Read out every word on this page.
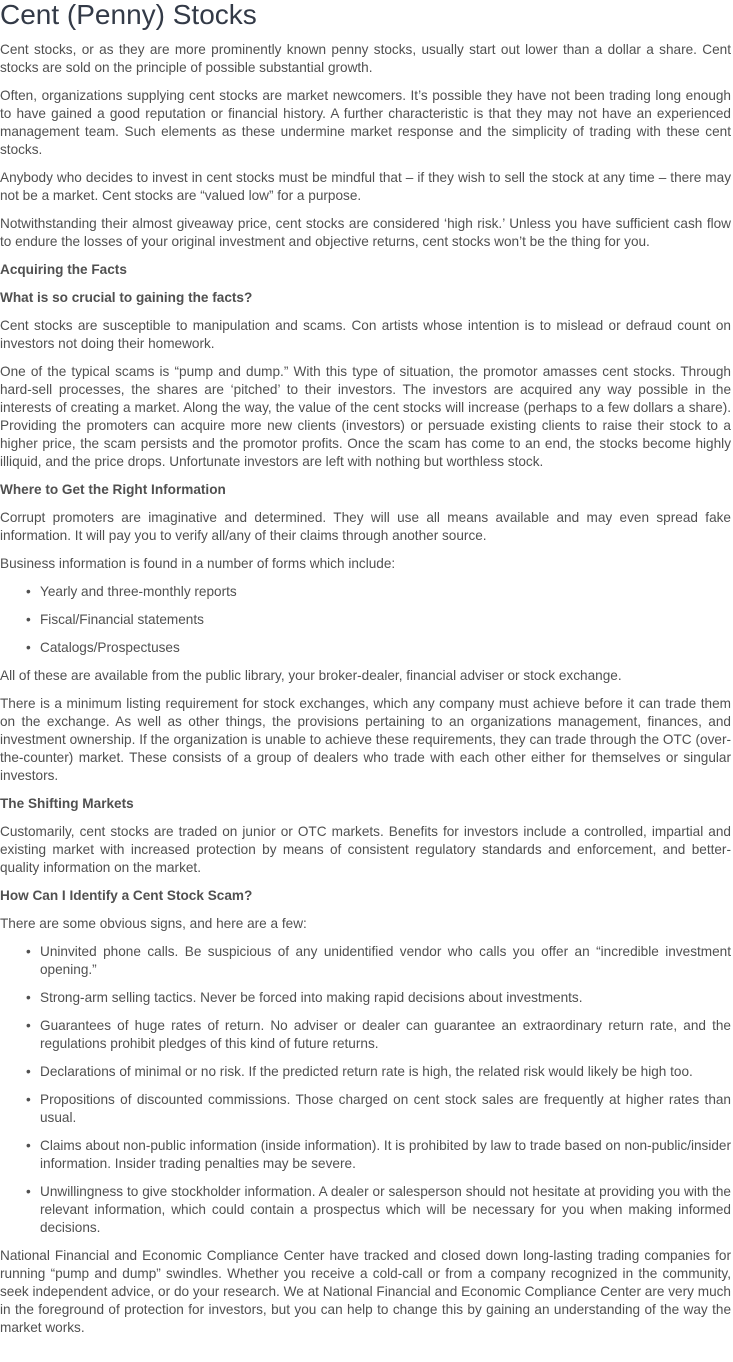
Cent (Penny) Stocks

Cent stocks, or as they are more prominently known penny stocks, usually start out lower than a dollar a share. Cent stocks are sold on the principle of possible substantial growth.

Often, organizations supplying cent stocks are market newcomers. It’s possible they have not been trading long enough to have gained a good reputation or financial history. A further characteristic is that they may not have an experienced management team. Such elements as these undermine market response and the simplicity of trading with these cent stocks.

Anybody who decides to invest in cent stocks must be mindful that – if they wish to sell the stock at any time – there may not be a market. Cent stocks are “valued low” for a purpose.

Notwithstanding their almost giveaway price, cent stocks are considered ‘high risk.’ Unless you have sufficient cash flow to endure the losses of your original investment and objective returns, cent stocks won’t be the thing for you.

Acquiring the Facts

What is so crucial to gaining the facts?

Cent stocks are susceptible to manipulation and scams. Con artists whose intention is to mislead or defraud count on investors not doing their homework.

One of the typical scams is “pump and dump.” With this type of situation, the promotor amasses cent stocks. Through hard-sell processes, the shares are ‘pitched’ to their investors. The investors are acquired any way possible in the interests of creating a market. Along the way, the value of the cent stocks will increase (perhaps to a few dollars a share). Providing the promoters can acquire more new clients (investors) or persuade existing clients to raise their stock to a higher price, the scam persists and the promotor profits. Once the scam has come to an end, the stocks become highly illiquid, and the price drops. Unfortunate investors are left with nothing but worthless stock.

Where to Get the Right Information

Corrupt promoters are imaginative and determined. They will use all means available and may even spread fake information. It will pay you to verify all/any of their claims through another source.

Business information is found in a number of forms which include:

• Yearly and three-monthly reports
• Fiscal/Financial statements
• Catalogs/Prospectuses

All of these are available from the public library, your broker-dealer, financial adviser or stock exchange.

There is a minimum listing requirement for stock exchanges, which any company must achieve before it can trade them on the exchange. As well as other things, the provisions pertaining to an organizations management, finances, and investment ownership. If the organization is unable to achieve these requirements, they can trade through the OTC (over-the-counter) market. These consists of a group of dealers who trade with each other either for themselves or singular investors.

The Shifting Markets

Customarily, cent stocks are traded on junior or OTC markets. Benefits for investors include a controlled, impartial and existing market with increased protection by means of consistent regulatory standards and enforcement, and better-quality information on the market.

How Can I Identify a Cent Stock Scam?

There are some obvious signs, and here are a few:

• Uninvited phone calls. Be suspicious of any unidentified vendor who calls you offer an “incredible investment opening.”
• Strong-arm selling tactics. Never be forced into making rapid decisions about investments.
• Guarantees of huge rates of return. No adviser or dealer can guarantee an extraordinary return rate, and the regulations prohibit pledges of this kind of future returns.
• Declarations of minimal or no risk. If the predicted return rate is high, the related risk would likely be high too.
• Propositions of discounted commissions. Those charged on cent stock sales are frequently at higher rates than usual.
• Claims about non-public information (inside information). It is prohibited by law to trade based on non-public/insider information. Insider trading penalties may be severe.
• Unwillingness to give stockholder information. A dealer or salesperson should not hesitate at providing you with the relevant information, which could contain a prospectus which will be necessary for you when making informed decisions.

National Financial and Economic Compliance Center have tracked and closed down long-lasting trading companies for running “pump and dump” swindles. Whether you receive a cold-call or from a company recognized in the community, seek independent advice, or do your research. We at National Financial and Economic Compliance Center are very much in the foreground of protection for investors, but you can help to change this by gaining an understanding of the way the market works.
